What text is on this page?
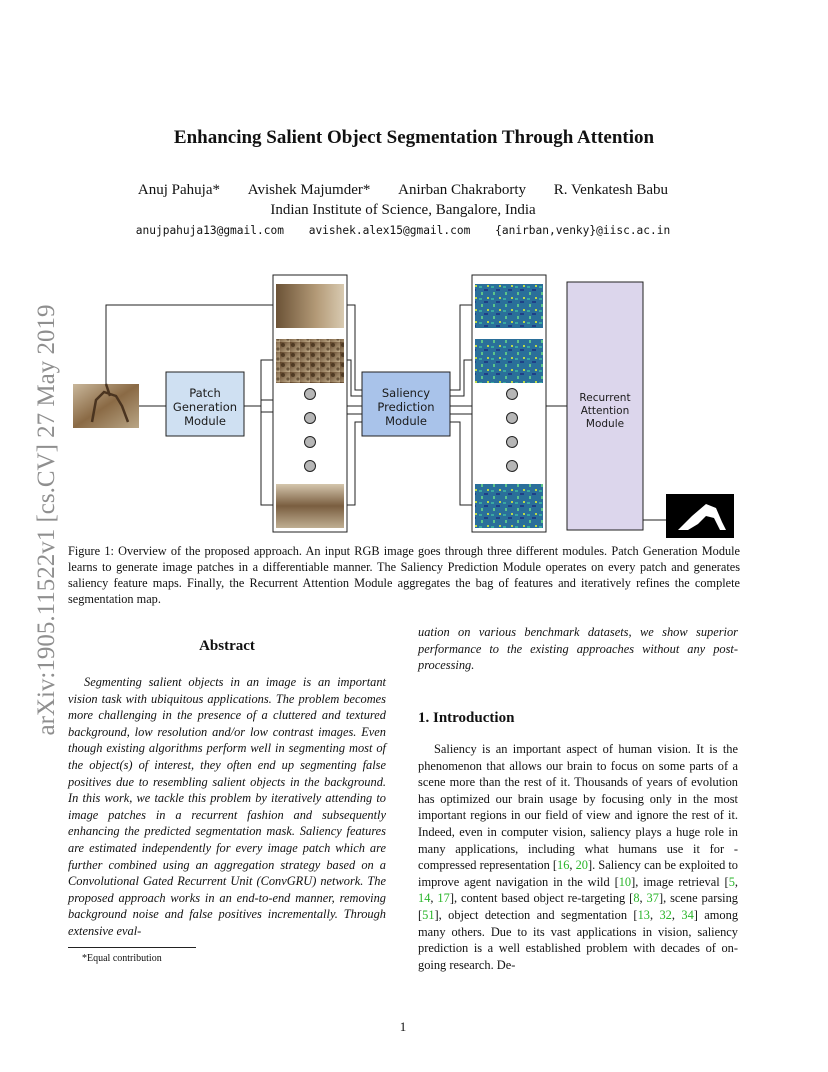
arXiv:1905.11522v1 [cs.CV] 27 May 2019
Enhancing Salient Object Segmentation Through Attention
Anuj Pahuja* Avishek Majumder* Anirban Chakraborty R. Venkatesh Babu
Indian Institute of Science, Bangalore, India
anujpahuja13@gmail.com avishek.alex15@gmail.com {anirban,venky}@iisc.ac.in
Patch
Generation
Module
Saliency
Prediction
Module
Recurrent
Attention
Module
Figure 1: Overview of the proposed approach. An input RGB image goes through three different modules. Patch Generation Module learns to generate image patches in a differentiable manner. The Saliency Prediction Module operates on every patch and generates saliency feature maps. Finally, the Recurrent Attention Module aggregates the bag of features and iteratively refines the complete segmentation map.
Abstract
Segmenting salient objects in an image is an important vision task with ubiquitous applications. The problem becomes more challenging in the presence of a cluttered and textured background, low resolution and/or low contrast images. Even though existing algorithms perform well in segmenting most of the object(s) of interest, they often end up segmenting false positives due to resembling salient objects in the background. In this work, we tackle this problem by iteratively attending to image patches in a recurrent fashion and subsequently enhancing the predicted segmentation mask. Saliency features are estimated independently for every image patch which are further combined using an aggregation strategy based on a Convolutional Gated Recurrent Unit (ConvGRU) network. The proposed approach works in an end-to-end manner, removing background noise and false positives incrementally. Through extensive eval-
uation on various benchmark datasets, we show superior performance to the existing approaches without any post-processing.
1. Introduction
Saliency is an important aspect of human vision. It is the phenomenon that allows our brain to focus on some parts of a scene more than the rest of it. Thousands of years of evolution has optimized our brain usage by focusing only in the most important regions in our field of view and ignore the rest of it. Indeed, even in computer vision, saliency plays a huge role in many applications, including what humans use it for - compressed representation [16, 20]. Saliency can be exploited to improve agent navigation in the wild [10], image retrieval [5, 14, 17], content based object re-targeting [8, 37], scene parsing [51], object detection and segmentation [13, 32, 34] among many others. Due to its vast applications in vision, saliency prediction is a well established problem with decades of on-going research. De-
*Equal contribution
1
